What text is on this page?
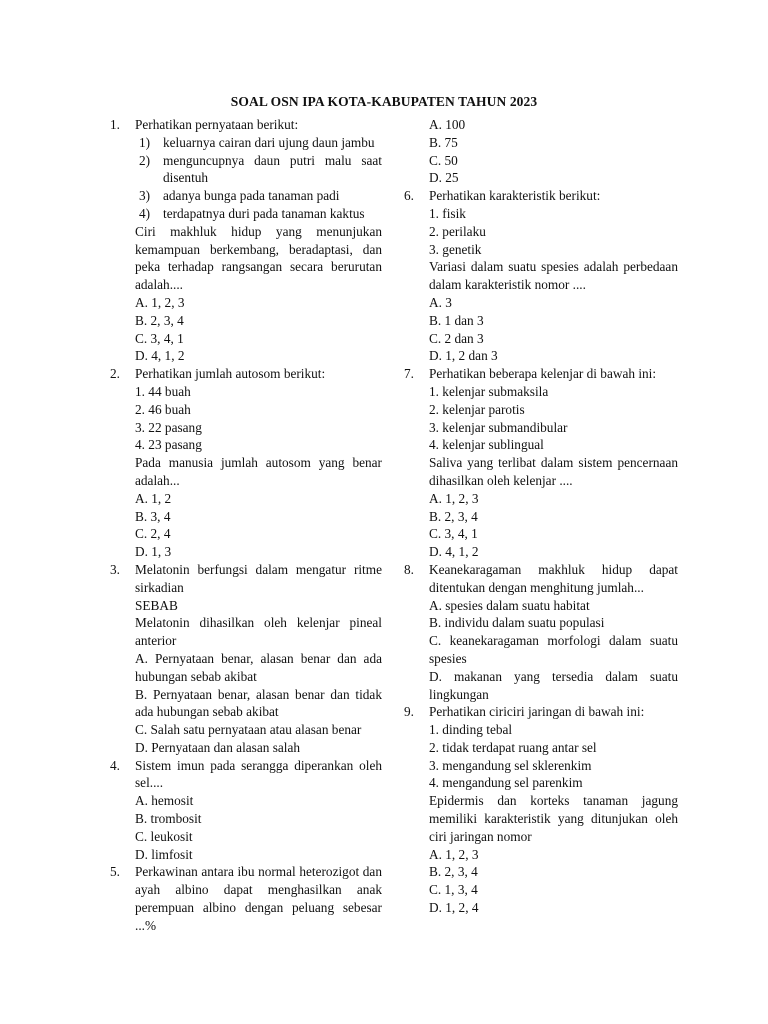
SOAL OSN IPA KOTA-KABUPATEN TAHUN 2023
1. Perhatikan pernyataan berikut:
1) keluarnya cairan dari ujung daun jambu
2) menguncupnya daun putri malu saat disentuh
3) adanya bunga pada tanaman padi
4) terdapatnya duri pada tanaman kaktus
Ciri makhluk hidup yang menunjukan kemampuan berkembang, beradaptasi, dan peka terhadap rangsangan secara berurutan adalah....
A. 1, 2, 3
B. 2, 3, 4
C. 3, 4, 1
D. 4, 1, 2
2. Perhatikan jumlah autosom berikut:
1. 44 buah
2. 46 buah
3. 22 pasang
4. 23 pasang
Pada manusia jumlah autosom yang benar adalah...
A. 1, 2
B. 3, 4
C. 2, 4
D. 1, 3
3. Melatonin berfungsi dalam mengatur ritme sirkadian
SEBAB
Melatonin dihasilkan oleh kelenjar pineal anterior
A. Pernyataan benar, alasan benar dan ada hubungan sebab akibat
B. Pernyataan benar, alasan benar dan tidak ada hubungan sebab akibat
C. Salah satu pernyataan atau alasan benar
D. Pernyataan dan alasan salah
4. Sistem imun pada serangga diperankan oleh sel....
A. hemosit
B. trombosit
C. leukosit
D. limfosit
5. Perkawinan antara ibu normal heterozigot dan ayah albino dapat menghasilkan anak perempuan albino dengan peluang sebesar ...%
A. 100
B. 75
C. 50
D. 25
6. Perhatikan karakteristik berikut:
1. fisik
2. perilaku
3. genetik
Variasi dalam suatu spesies adalah perbedaan dalam karakteristik nomor ....
A. 3
B. 1 dan 3
C. 2 dan 3
D. 1, 2 dan 3
7. Perhatikan beberapa kelenjar di bawah ini:
1. kelenjar submaksila
2. kelenjar parotis
3. kelenjar submandibular
4. kelenjar sublingual
Saliva yang terlibat dalam sistem pencernaan dihasilkan oleh kelenjar ....
A. 1, 2, 3
B. 2, 3, 4
C. 3, 4, 1
D. 4, 1, 2
8. Keanekaragaman makhluk hidup dapat ditentukan dengan menghitung jumlah...
A. spesies dalam suatu habitat
B. individu dalam suatu populasi
C. keanekaragaman morfologi dalam suatu spesies
D. makanan yang tersedia dalam suatu lingkungan
9. Perhatikan ciriciri jaringan di bawah ini:
1. dinding tebal
2. tidak terdapat ruang antar sel
3. mengandung sel sklerenkim
4. mengandung sel parenkim
Epidermis dan korteks tanaman jagung memiliki karakteristik yang ditunjukan oleh ciri jaringan nomor
A. 1, 2, 3
B. 2, 3, 4
C. 1, 3, 4
D. 1, 2, 4
